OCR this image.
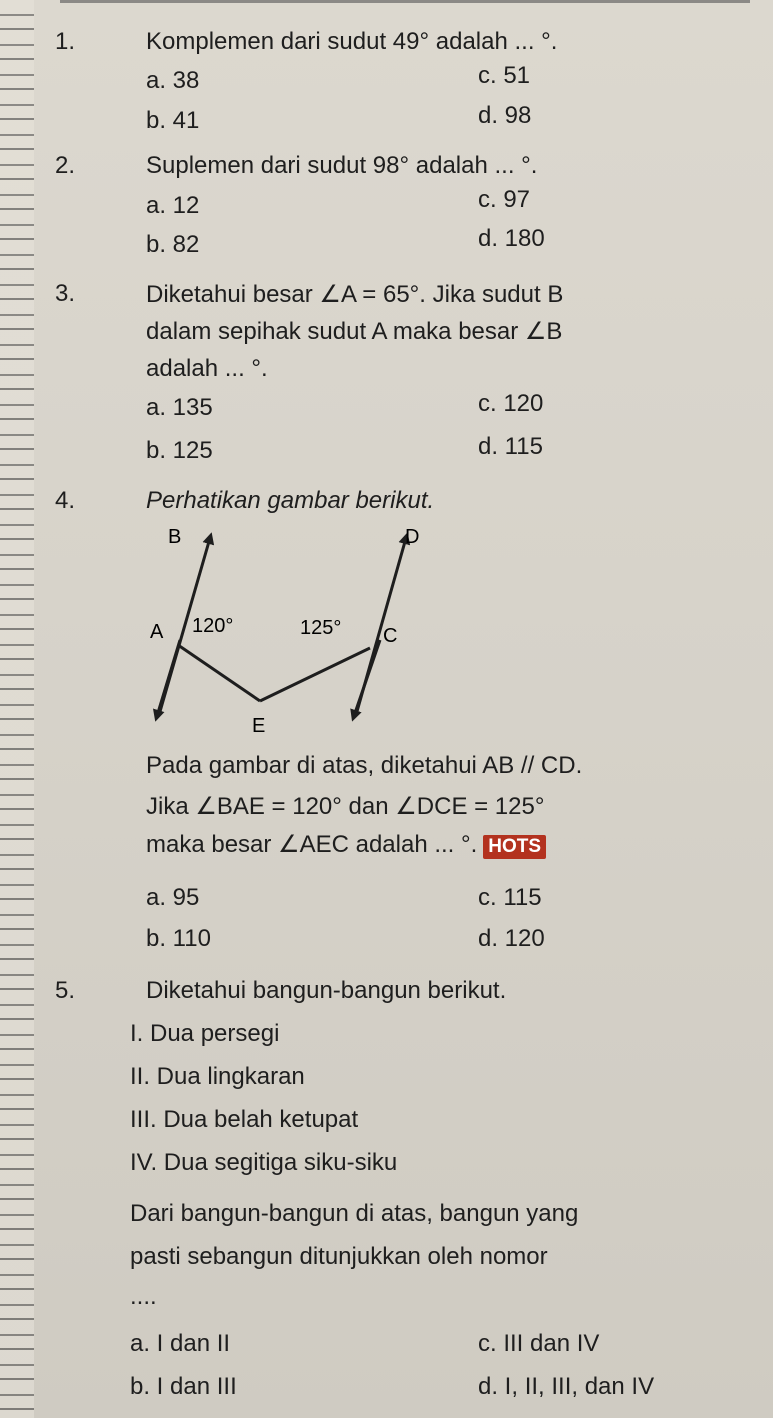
1.	Komplemen dari sudut 49° adalah ... °.
a. 38	c. 51
b. 41	d. 98
2.	Suplemen dari sudut 98° adalah ... °.
a. 12	c. 97
b. 82	d. 180
3.	Diketahui besar ∠A = 65°. Jika sudut B
dalam sepihak sudut A maka besar ∠B
adalah ... °.
a. 135	c. 120
b. 125	d. 115
4.	Perhatikan gambar berikut.
B	D
A 120°	125° C
E
Pada gambar di atas, diketahui AB // CD.
Jika ∠BAE = 120° dan ∠DCE = 125°
maka besar ∠AEC adalah ... °. HOTS
a. 95	c. 115
b. 110	d. 120
5.	Diketahui bangun-bangun berikut.
I. Dua persegi
II. Dua lingkaran
III. Dua belah ketupat
IV. Dua segitiga siku-siku
Dari bangun-bangun di atas, bangun yang
pasti sebangun ditunjukkan oleh nomor
....
a. I dan II	c. III dan IV
b. I dan III	d. I, II, III, dan IV
